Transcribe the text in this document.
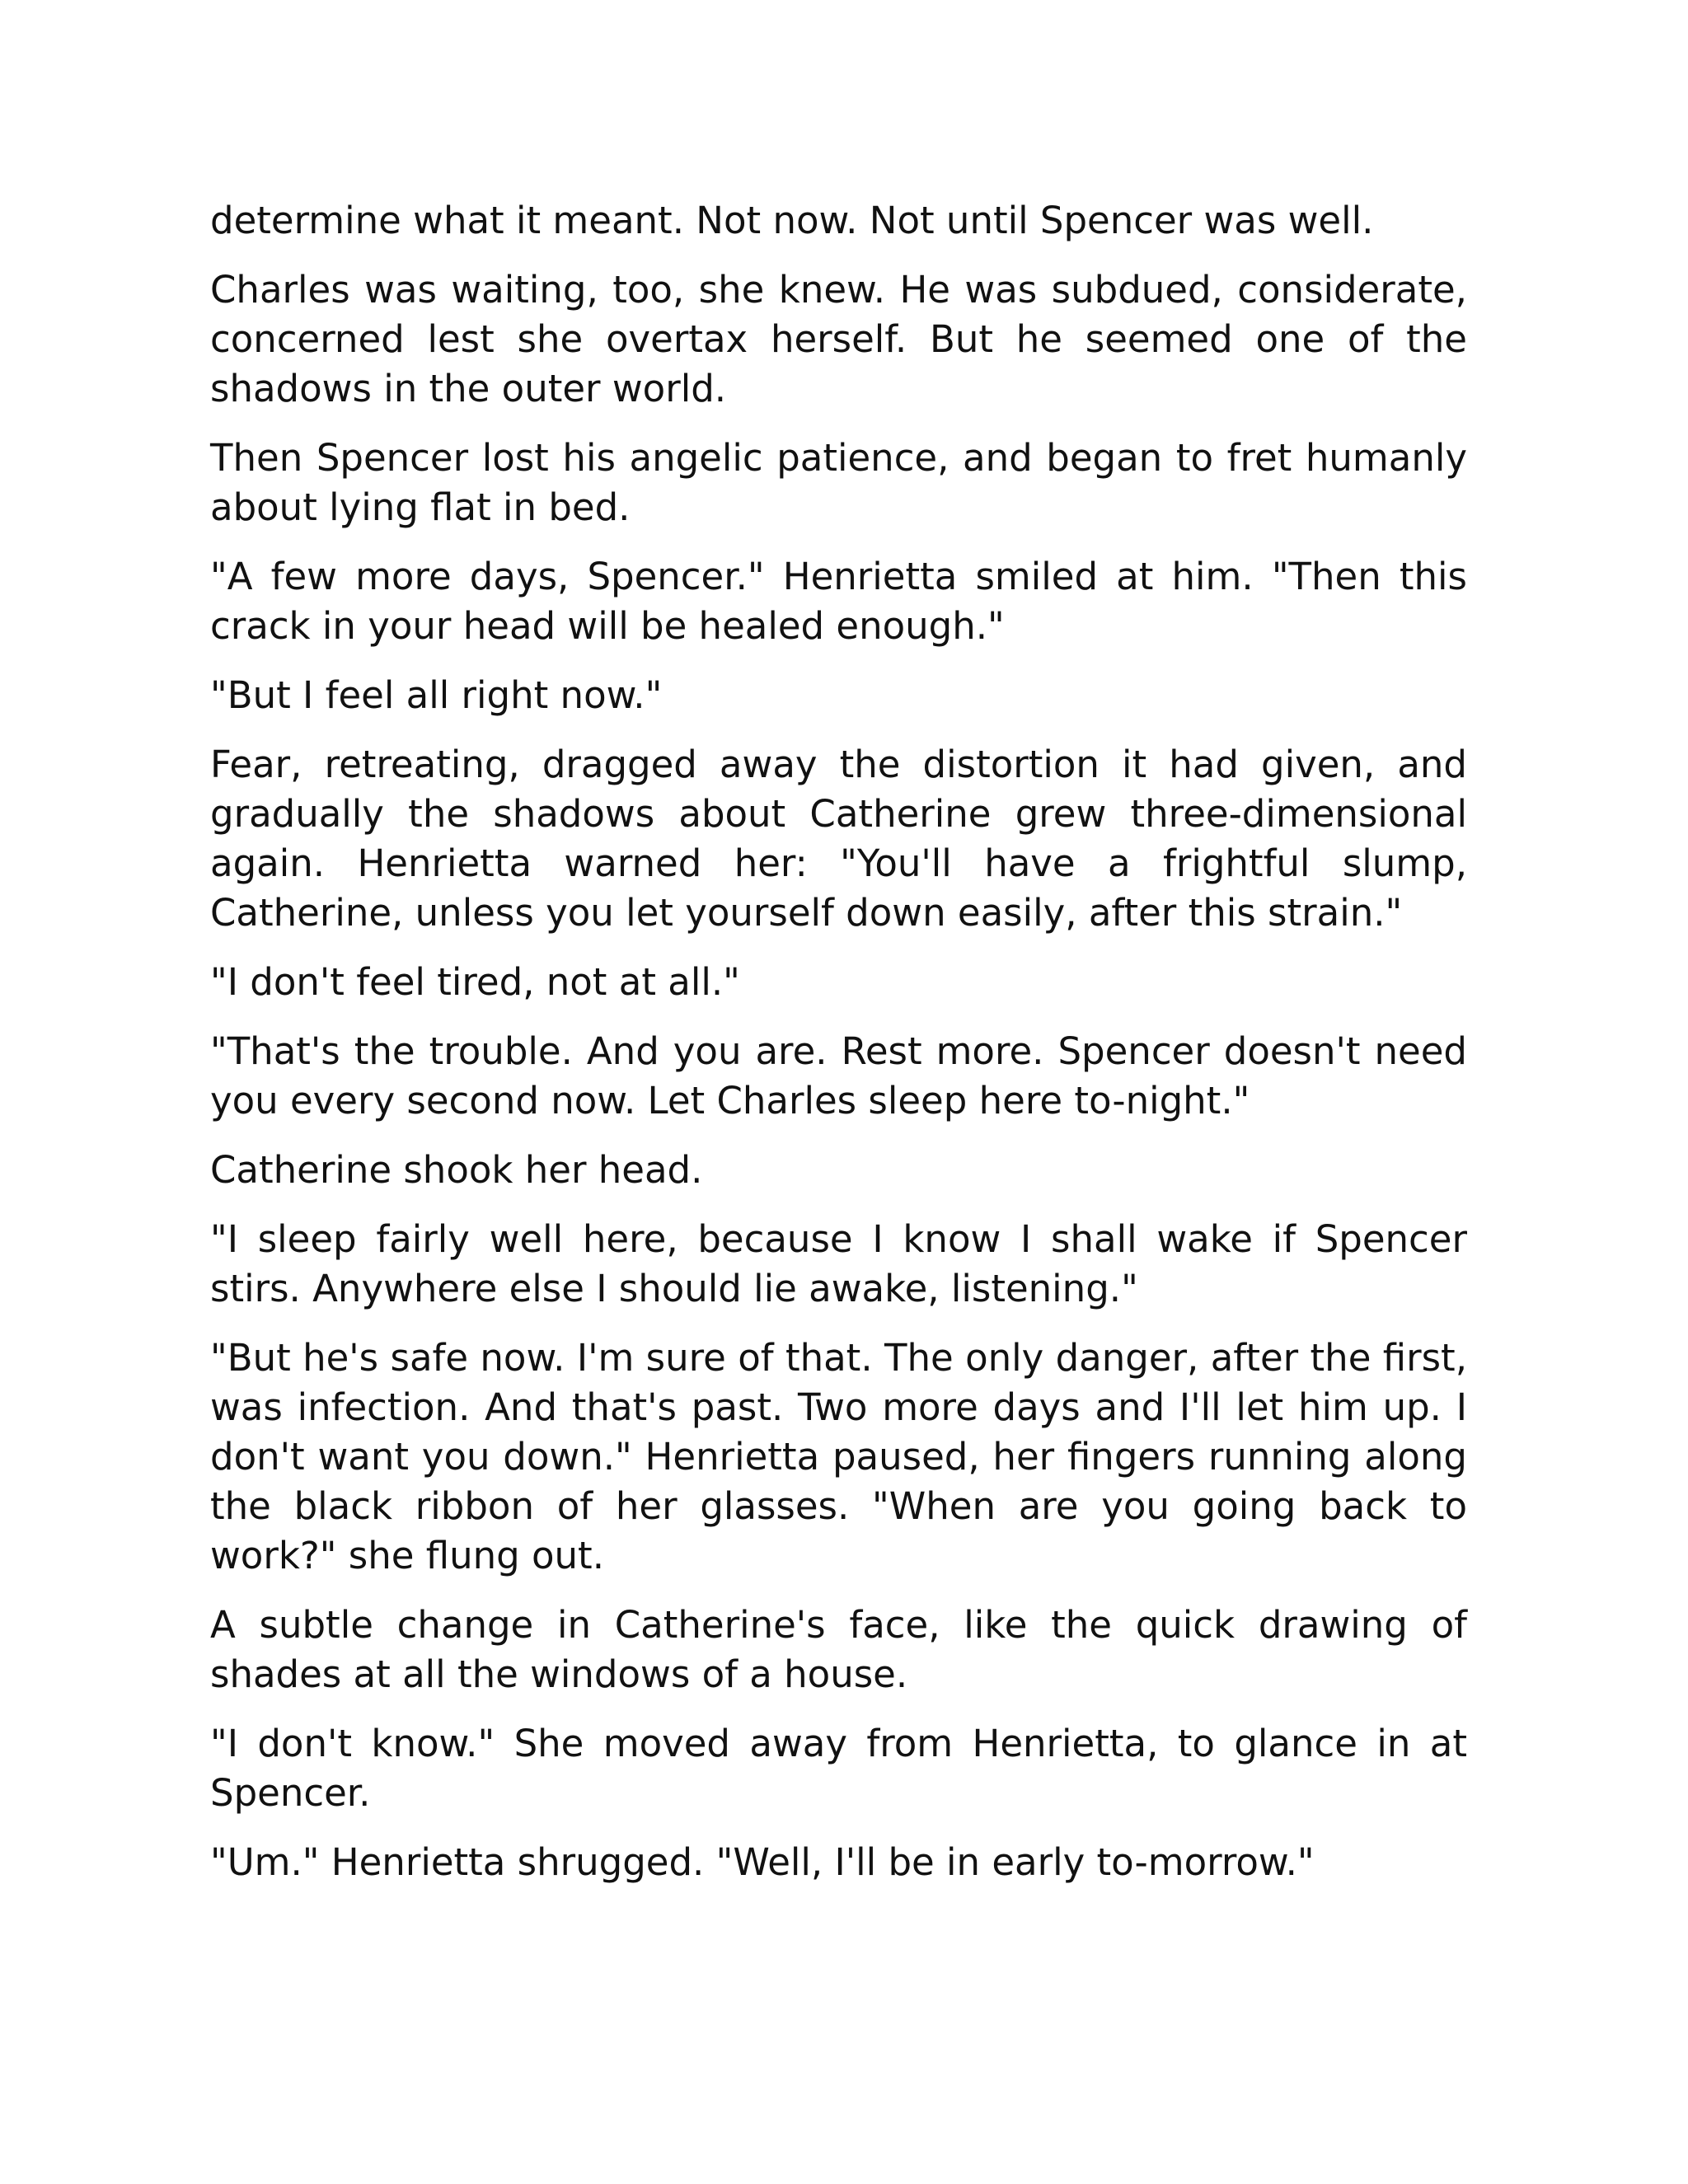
determine what it meant. Not now. Not until Spencer was well.

Charles was waiting, too, she knew. He was subdued, considerate, concerned lest she overtax herself. But he seemed one of the shadows in the outer world.

Then Spencer lost his angelic patience, and began to fret humanly about lying flat in bed.

"A few more days, Spencer." Henrietta smiled at him. "Then this crack in your head will be healed enough."

"But I feel all right now."

Fear, retreating, dragged away the distortion it had given, and gradually the shadows about Catherine grew three-dimensional again. Henrietta warned her: "You'll have a frightful slump, Catherine, unless you let yourself down easily, after this strain."

"I don't feel tired, not at all."

"That's the trouble. And you are. Rest more. Spencer doesn't need you every second now. Let Charles sleep here to-night."

Catherine shook her head.

"I sleep fairly well here, because I know I shall wake if Spencer stirs. Anywhere else I should lie awake, listening."

"But he's safe now. I'm sure of that. The only danger, after the first, was infection. And that's past. Two more days and I'll let him up. I don't want you down." Henrietta paused, her fingers running along the black ribbon of her glasses. "When are you going back to work?" she flung out.

A subtle change in Catherine's face, like the quick drawing of shades at all the windows of a house.

"I don't know." She moved away from Henrietta, to glance in at Spencer.

"Um." Henrietta shrugged. "Well, I'll be in early to-morrow."
